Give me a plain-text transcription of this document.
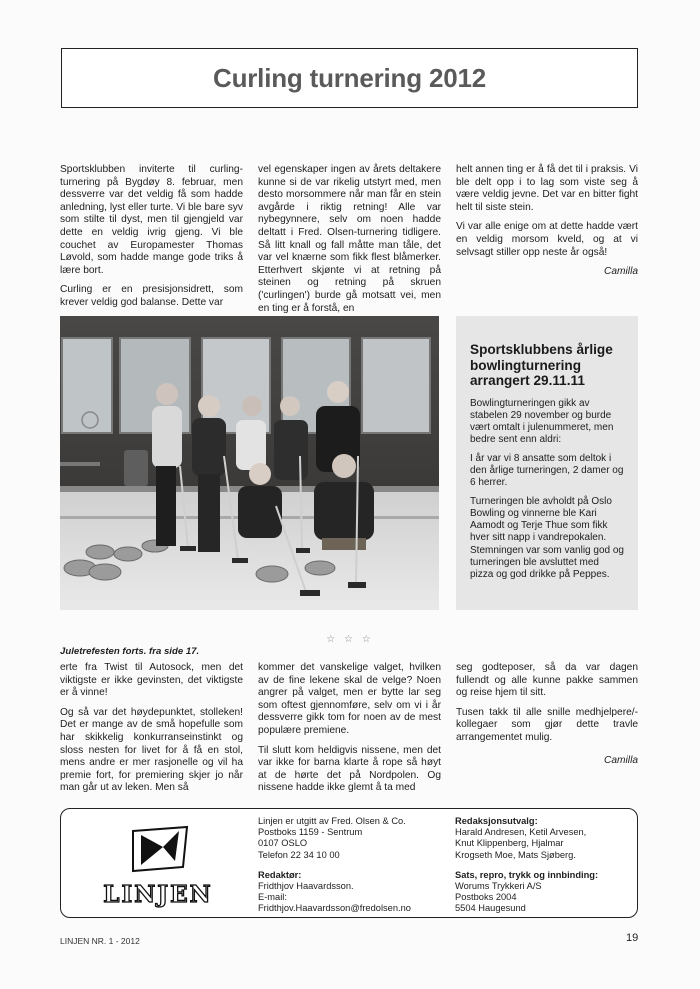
Curling turnering 2012

Sportsklubben inviterte til curling-turnering på Bygdøy 8. februar, men dessverre var det veldig få som hadde anledning, lyst eller turte. Vi ble bare syv som stilte til dyst, men til gjengjeld var dette en veldig ivrig gjeng. Vi ble couchet av Europamester Thomas Løvold, som hadde mange gode triks å lære bort.

Curling er en presisjonsidrett, som krever veldig god balanse. Dette var

vel egenskaper ingen av årets deltakere kunne si de var rikelig utstyrt med, men desto morsommere når man får en stein avgårde i riktig retning! Alle var nybegynnere, selv om noen hadde deltatt i Fred. Olsen-turnering tidligere. Så litt knall og fall måtte man tåle, det var vel knærne som fikk flest blåmerker. Etterhvert skjønte vi at retning på steinen og retning på skruen ('curlingen') burde gå motsatt vei, men en ting er å forstå, en

helt annen ting er å få det til i praksis. Vi ble delt opp i to lag som viste seg å være veldig jevne. Det var en bitter fight helt til siste stein.

Vi var alle enige om at dette hadde vært en veldig morsom kveld, og at vi selvsagt stiller opp neste år også!

Camilla

Sportsklubbens årlige bowlingturnering arrangert 29.11.11

Bowlingturneringen gikk av stabelen 29 november og burde vært omtalt i julenummeret, men bedre sent enn aldri:

I år var vi 8 ansatte som deltok i den årlige turneringen, 2 damer og 6 herrer.

Turneringen ble avholdt på Oslo Bowling og vinnerne ble Kari Aamodt og Terje Thue som fikk hver sitt napp i vandrepokalen. Stemningen var som vanlig god og turneringen ble avsluttet med pizza og god drikke på Peppes.

☆ ☆ ☆
Juletrefesten forts. fra side 17.

erte fra Twist til Autosock, men det viktigste er ikke gevinsten, det viktigste er å vinne!

Og så var det høydepunktet, stolleken! Det er mange av de små hopefulle som har skikkelig konkurranseinstinkt og sloss nesten for livet for å få en stol, mens andre er mer rasjonelle og vil ha premie fort, for premiering skjer jo når man går ut av leken. Men så

kommer det vanskelige valget, hvilken av de fine lekene skal de velge? Noen angrer på valget, men er bytte lar seg som oftest gjennomføre, selv om vi i år dessverre gikk tom for noen av de mest populære premiene.

Til slutt kom heldigvis nissene, men det var ikke for barna klarte å rope så høyt at de hørte det på Nordpolen. Og nissene hadde ikke glemt å ta med

seg godteposer, så da var dagen fullendt og alle kunne pakke sammen og reise hjem til sitt.

Tusen takk til alle snille medhjelpere/-kollegaer som gjør dette travle arrangementet mulig.

Camilla

LINJEN
Linjen er utgitt av Fred. Olsen & Co.
Postboks 1159 - Sentrum
0107 OSLO
Telefon 22 34 10 00
Redaktør:
Fridthjov Haavardsson.
E-mail:
Fridthjov.Haavardsson@fredolsen.no
Redaksjonsutvalg:
Harald Andresen, Ketil Arvesen,
Knut Klippenberg, Hjalmar
Krogseth Moe, Mats Sjøberg.
Sats, repro, trykk og innbinding:
Worums Trykkeri A/S
Postboks 2004
5504 Haugesund
LINJEN NR. 1 - 2012	19
